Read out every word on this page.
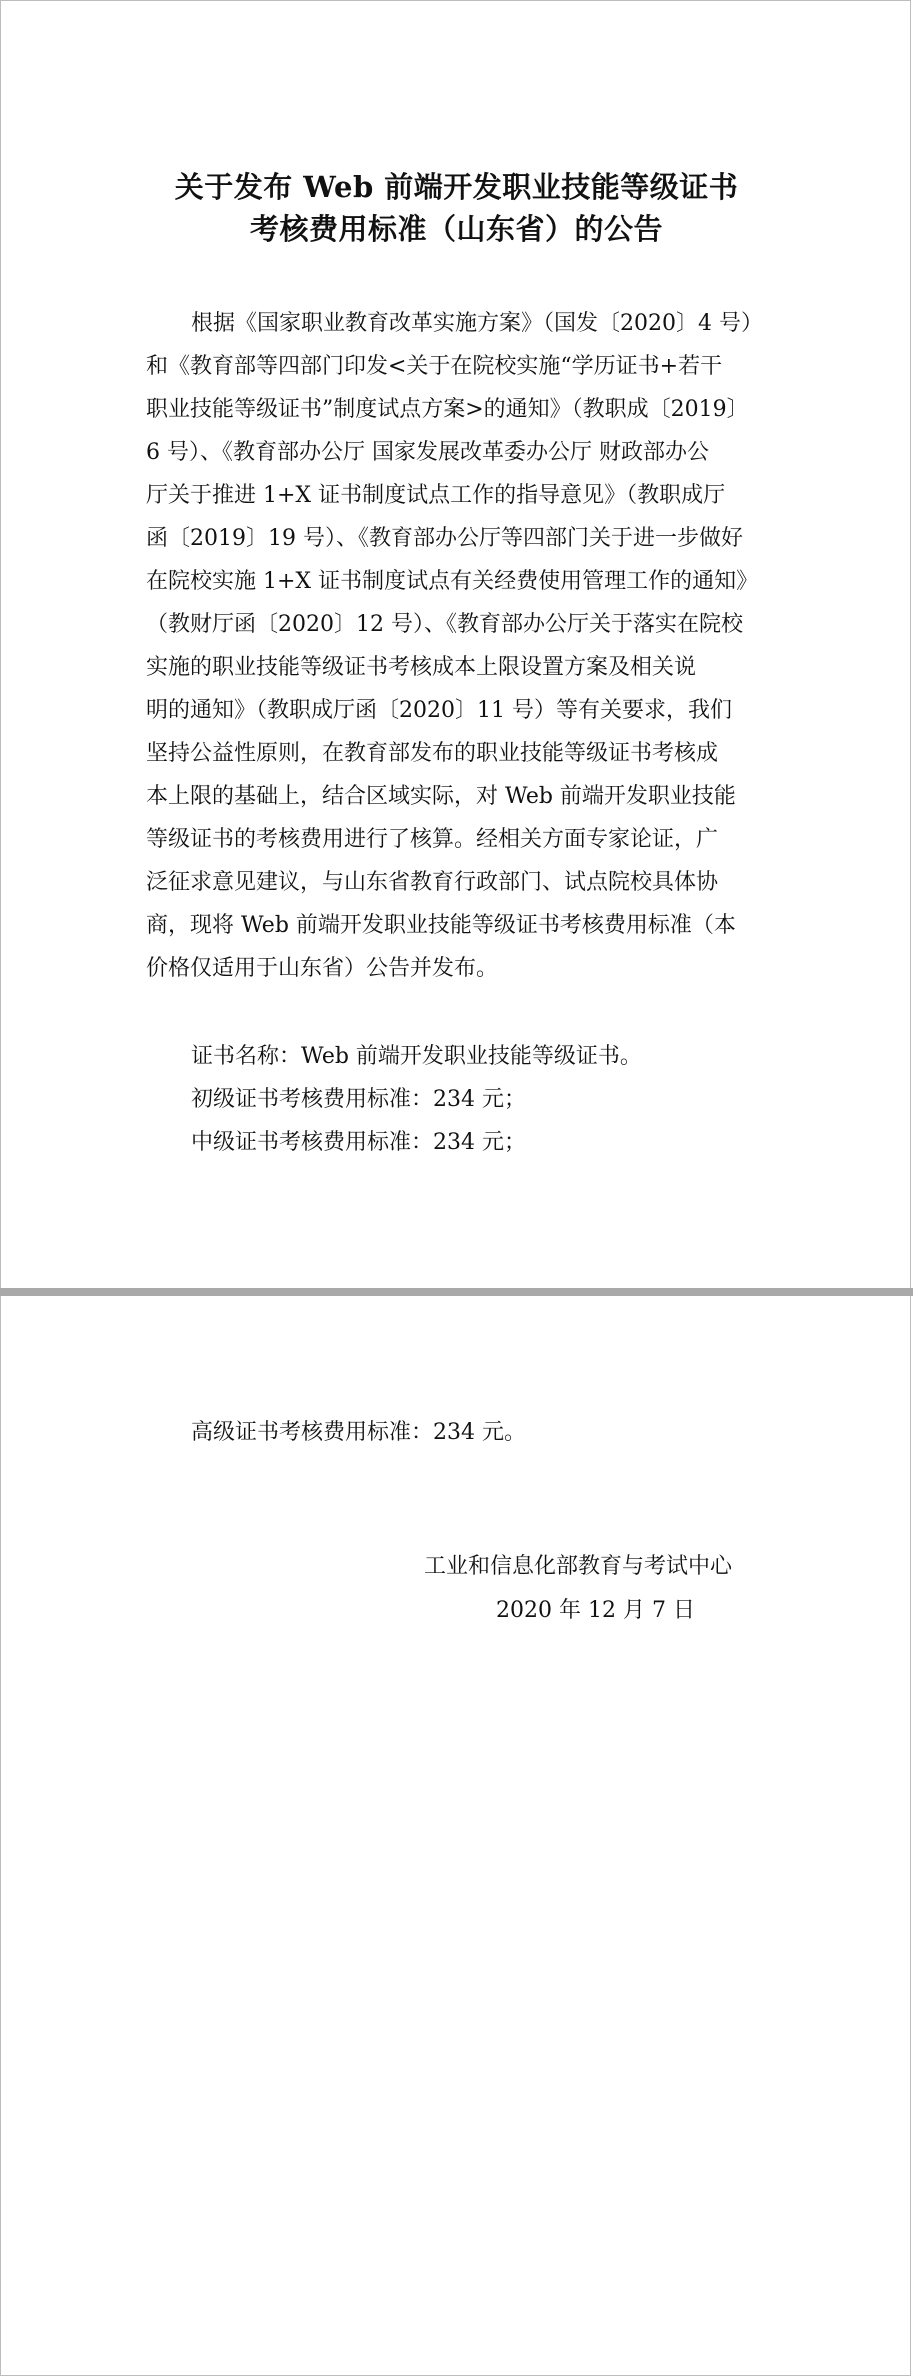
关于发布 Web 前端开发职业技能等级证书
考核费用标准（山东省）的公告
根据《国家职业教育改革实施方案》（国发〔2020〕4 号）
和《教育部等四部门印发<关于在院校实施“学历证书+若干
职业技能等级证书”制度试点方案>的通知》（教职成〔2019〕
6 号）、《教育部办公厅 国家发展改革委办公厅 财政部办公
厅关于推进 1+X 证书制度试点工作的指导意见》（教职成厅
函〔2019〕19 号）、《教育部办公厅等四部门关于进一步做好
在院校实施 1+X 证书制度试点有关经费使用管理工作的通知》
（教财厅函〔2020〕12 号）、《教育部办公厅关于落实在院校
实施的职业技能等级证书考核成本上限设置方案及相关说
明的通知》（教职成厅函〔2020〕11 号）等有关要求，我们
坚持公益性原则，在教育部发布的职业技能等级证书考核成
本上限的基础上，结合区域实际，对 Web 前端开发职业技能
等级证书的考核费用进行了核算。经相关方面专家论证，广
泛征求意见建议，与山东省教育行政部门、试点院校具体协
商，现将 Web 前端开发职业技能等级证书考核费用标准（本
价格仅适用于山东省）公告并发布。
证书名称：Web 前端开发职业技能等级证书。
初级证书考核费用标准：234 元；
中级证书考核费用标准：234 元；
高级证书考核费用标准：234 元。
工业和信息化部教育与考试中心
2020 年 12 月 7 日
